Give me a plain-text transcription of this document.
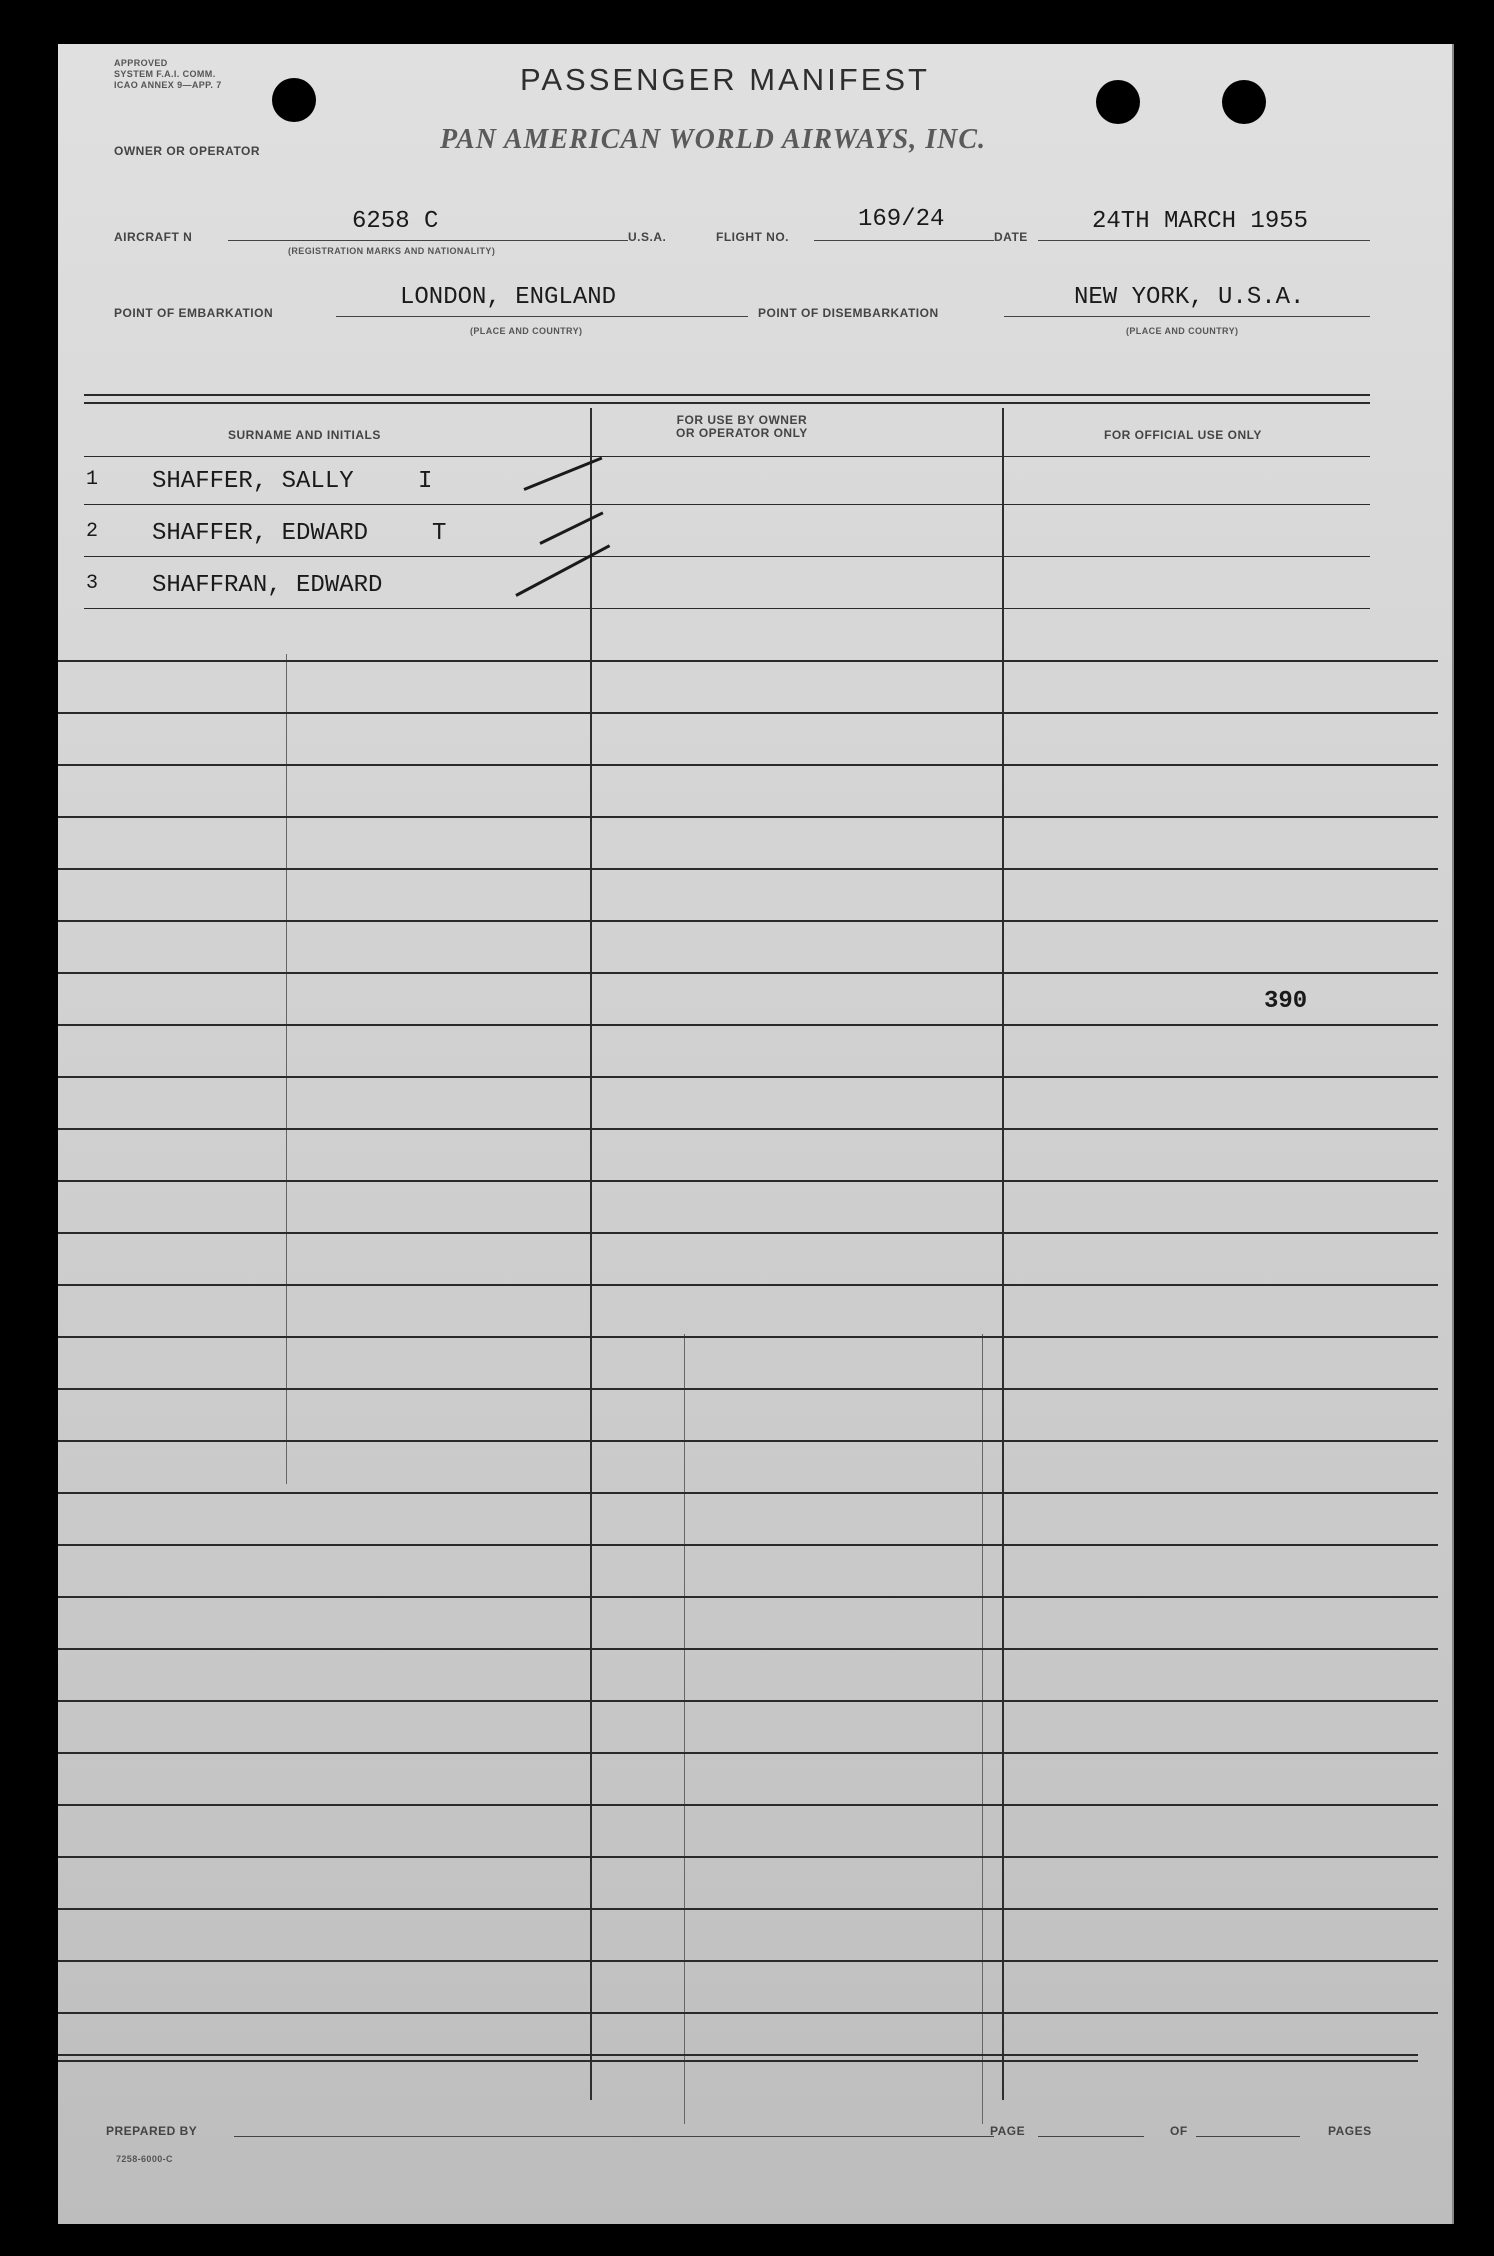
APPROVED
SYSTEM F.A.I. COMM.
ICAO ANNEX 9—APP. 7	PASSENGER MANIFEST
OWNER OR OPERATOR	PAN AMERICAN WORLD AIRWAYS, INC.
AIRCRAFT N
6258 C
(REGISTRATION MARKS AND NATIONALITY)
U.S.A.	FLIGHT NO.
169/24
DATE
24TH MARCH 1955
POINT OF EMBARKATION
LONDON, ENGLAND
(PLACE AND COUNTRY)
POINT OF DISEMBARKATION
NEW YORK, U.S.A.
(PLACE AND COUNTRY)
SURNAME AND INITIALS
FOR USE BY OWNER
OR OPERATOR ONLY	FOR OFFICIAL USE ONLY
1 SHAFFER, SALLY	I
2 SHAFFER, EDWARD	T
3 SHAFFRAN, EDWARD
390
PREPARED BY	PAGE	OF	PAGES
7258-6000-C
